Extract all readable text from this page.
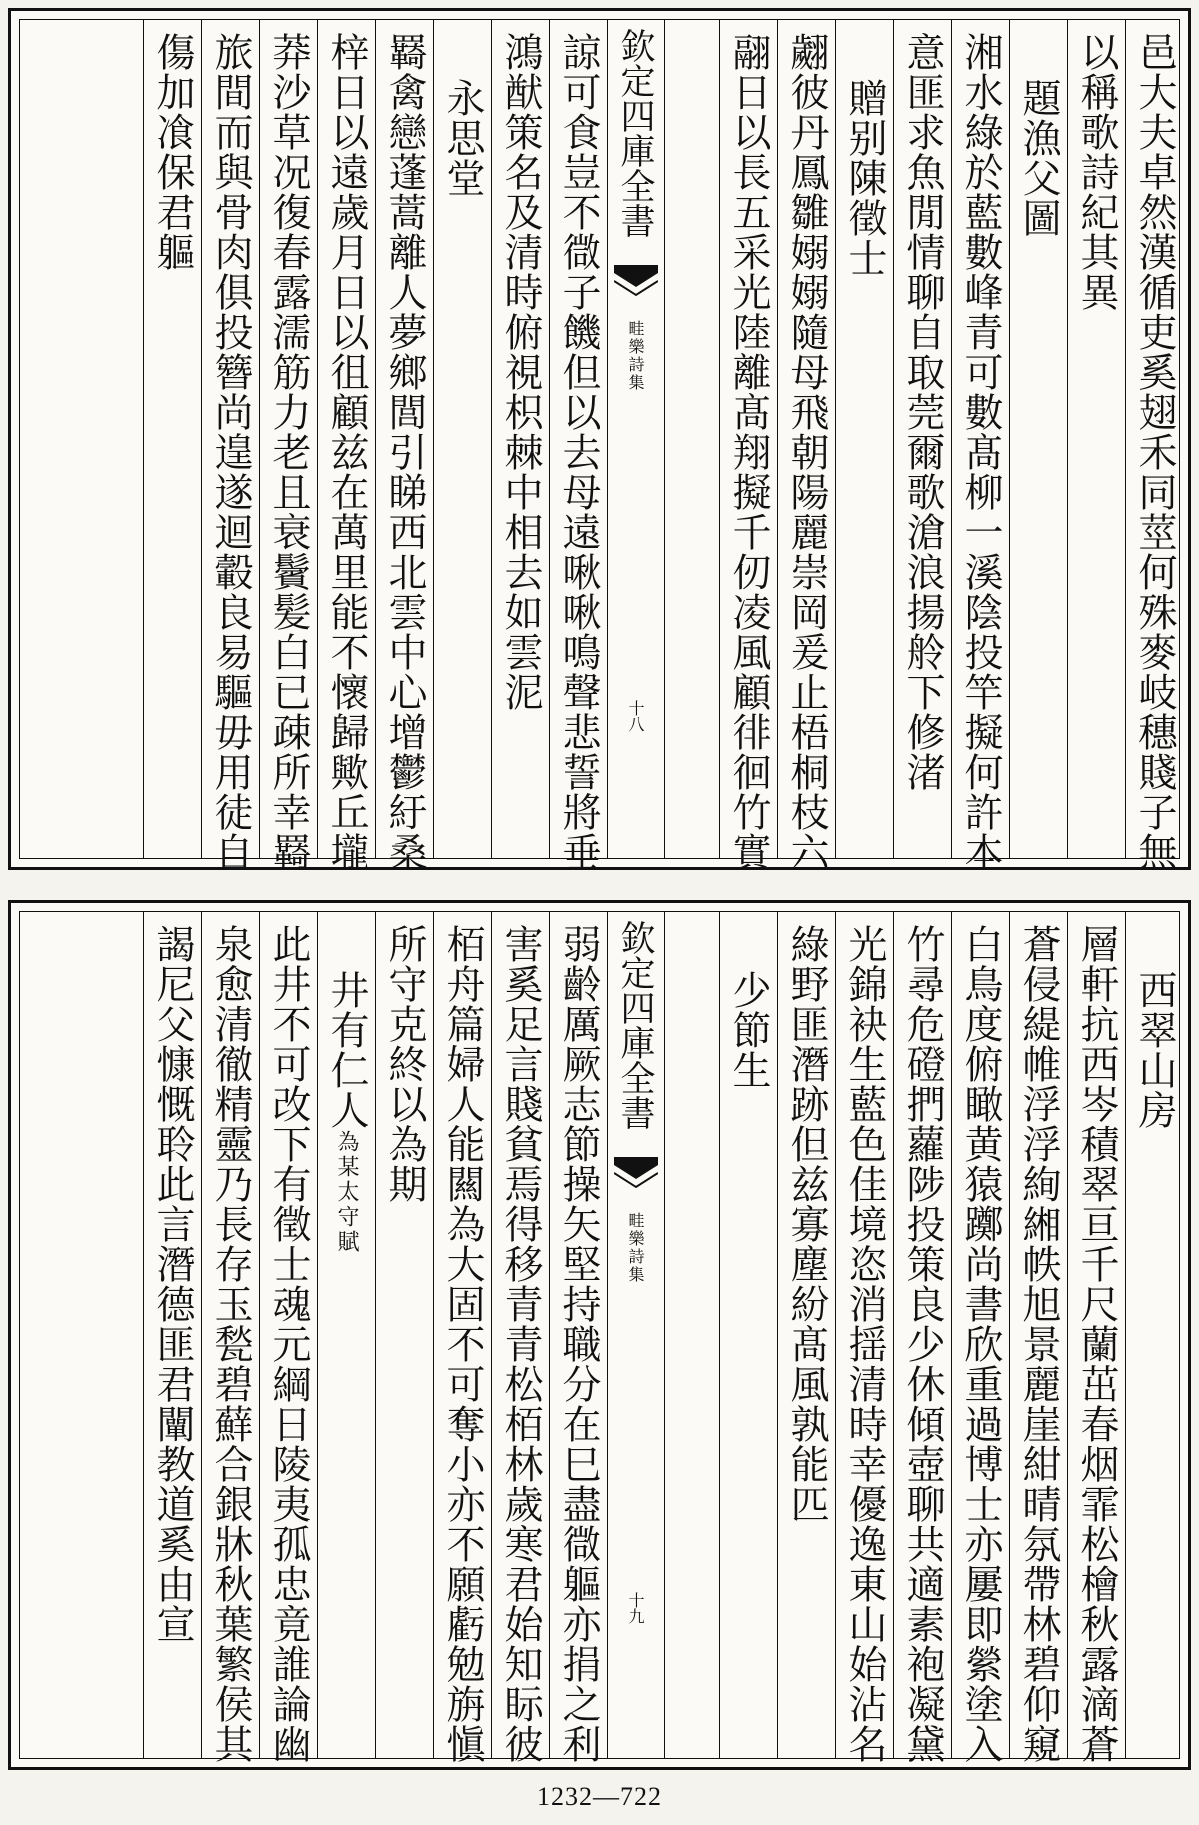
邑大夫卓然漢循吏奚翅禾同莖何殊麥岐穗賤子無
以稱歌詩紀其異
題漁父圖
湘水綠於藍數峰青可數髙柳一溪陰投竿擬何許本
意匪求魚閒情聊自取莞爾歌滄浪揚舲下修渚
贈别陳徵士
翽彼丹鳳雛嫋嫋隨母飛朝陽麗崇岡爰止梧桐枝六
翮日以長五采光陸離髙翔擬千仞凌風顧徘徊竹實
欽定四庫全書
畦樂詩集
十八
諒可食豈不㣲子饑但以去母遠啾啾鳴聲悲誓將垂
鴻猷策名及清時俯視枳棘中相去如雲泥
永思堂
羇禽戀蓬蒿離人夢鄉閭引睇西北雲中心增鬱紆桑
梓日以遠歲月日以徂顧兹在萬里能不懷歸歟丘壠
莽沙草况復春露濡筋力老且衰鬢髪白已疎所幸羇
旅間而與骨肉俱投簪尚遑遂迴轂良易驅毋用徒自
傷加飡保君軀
西翠山房
層軒抗西岑積翠亘千尺蘭茁春烟霏松檜秋露滴蒼
蒼侵緹帷浮浮絢緗帙旭景麗崖紺晴氛帶林碧仰窺
白鳥度俯瞰黄猿躑尚書欣重過博士亦屢即縈塗入
竹尋危磴捫蘿陟投策良少休傾壺聊共適素袍凝黛
光錦袂生藍色佳境恣消揺清時幸優逸東山始沾名
綠野匪潛跡但兹寡塵紛髙風孰能匹
少節生
欽定四庫全書
畦樂詩集
十九
弱齡厲厥志節操矢堅持職分在巳盡㣲軀亦捐之利
害奚足言賤貧焉得移青青松栢林歲寒君始知眎彼
栢舟篇婦人能闗為大固不可奪小亦不願虧勉旃愼
所守克終以為期
井有仁人為某太守賦
此井不可改下有徵士魂元綱日陵夷孤忠竟誰論幽
泉愈清徹精靈乃長存玉甃碧蘚合銀牀秋葉繁侯其
謁尼父慷慨聆此言潛德匪君闡教道奚由宣
1232—722
